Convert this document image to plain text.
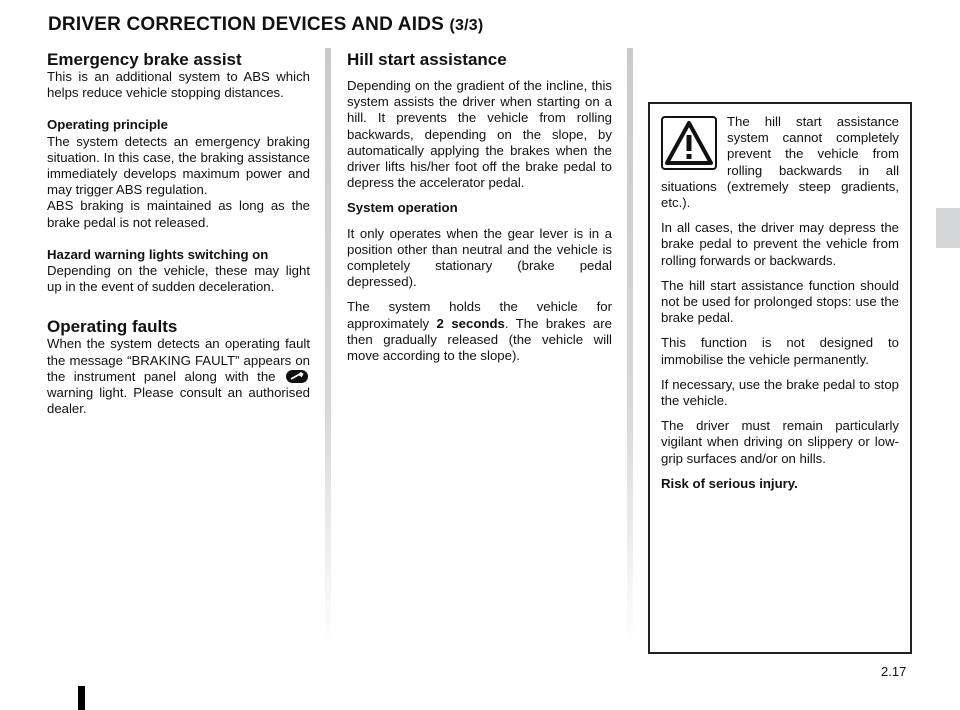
DRIVER CORRECTION DEVICES AND AIDS (3/3)
Emergency brake assist

This is an additional system to ABS which helps reduce vehicle stopping distances.

Operating principle

The system detects an emergency braking situation. In this case, the braking assistance immediately develops maximum power and may trigger ABS regulation.

ABS braking is maintained as long as the brake pedal is not released.

Hazard warning lights switching on

Depending on the vehicle, these may light up in the event of sudden deceleration.

Operating faults

When the system detects an operating fault the message “BRAKING FAULT” appears on the instrument panel along with the
warning light. Please consult an authorised dealer.

Hill start assistance

Depending on the gradient of the incline, this system assists the driver when starting on a hill. It prevents the vehicle from rolling backwards, depending on the slope, by automatically applying the brakes when the driver lifts his/her foot off the brake pedal to depress the accelerator pedal.

System operation

It only operates when the gear lever is in a position other than neutral and the vehicle is completely stationary (brake pedal depressed).

The system holds the vehicle for approximately 2 seconds. The brakes are then gradually released (the vehicle will move according to the slope).

The hill start assistance system cannot completely prevent the vehicle from rolling backwards in all situations (extremely steep gradients, etc.).

In all cases, the driver may depress the brake pedal to prevent the vehicle from rolling forwards or backwards.

The hill start assistance function should not be used for prolonged stops: use the brake pedal.

This function is not designed to immobilise the vehicle permanently.

If necessary, use the brake pedal to stop the vehicle.

The driver must remain particularly vigilant when driving on slippery or low-grip surfaces and/or on hills.

Risk of serious injury.

2.17
